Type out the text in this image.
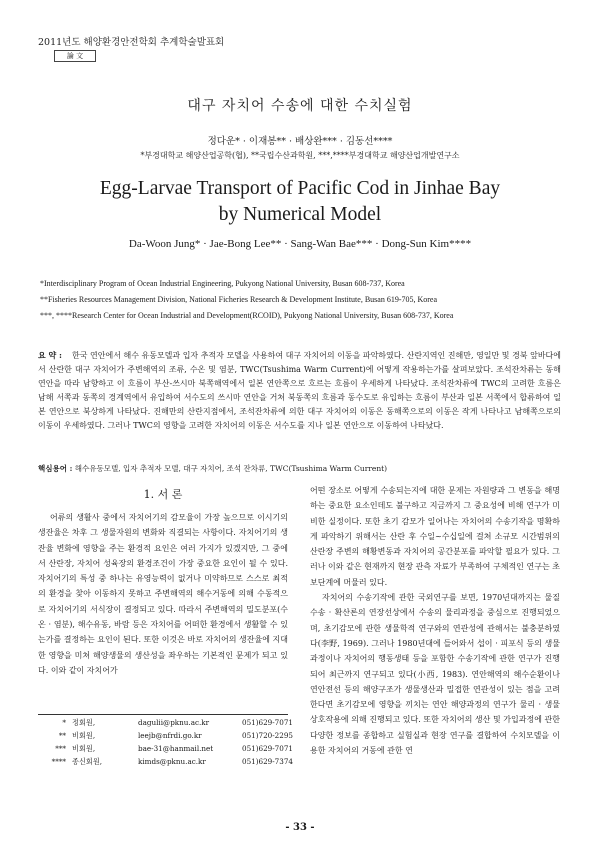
2011년도 해양환경안전학회 추계학술발표회
論 文
대구 자치어 수송에 대한 수치실험
정다운* · 이재봉** · 배상완*** · 김동선****
*부경대학교 해양산업공학(협), **국립수산과학원, ***,****부경대학교 해양산업개발연구소
Egg-Larvae Transport of Pacific Cod in Jinhae Bay
by Numerical Model
Da-Woon Jung* · Jae-Bong Lee** · Sang-Wan Bae*** · Dong-Sun Kim****
*Interdisciplinary Program of Ocean Industrial Engineering, Pukyong National University, Busan 608-737, Korea
**Fisheries Resources Management Division, National Ficheries Research & Development Institute, Busan 619-705, Korea
***, ****Research Center for Ocean Industrial and Development(RCOID), Pukyong National University, Busan 608-737, Korea
요 약 : 한국 연안에서 해수 유동모델과 입자 추적자 모델을 사용하여 대구 자치어의 이동을 파악하였다. 산란지역인 진해만, 영일만 및 경북 앞바다에서 산란한 대구 자치어가 주변해역의 조류, 수온 및 염분, TWC(Tsushima Warm Current)에 어떻게 작용하는가를 살펴보았다. 조석잔차류는 동해연안을 따라 남향하고 이 흐름이 부산-쓰시마 북쪽해역에서 일본 연안쪽으로 흐르는 흐름이 우세하게 나타났다. 조석잔차류에 TWC의 고려한 흐름은 남해 서쪽과 동쪽의 경계역에서 유입하여 서수도의 쓰시마 연안을 거쳐 북동쪽의 흐름과 동수도로 유입하는 흐름이 부산과 일본 서쪽에서 합류하여 일본 연안으로 북상하게 나타났다. 진해만의 산란지점에서, 조석잔차류에 의한 대구 자치어의 이동은 동해쪽으로의 이동은 작게 나타나고 남해쪽으로의 이동이 우세하였다. 그러나 TWC의 영향을 고려한 자치어의 이동은 서수도를 지나 일본 연안으로 이동하여 나타났다.
핵심용어 : 해수유동모델, 입자 추적자 모델, 대구 자치어, 조석 잔차류, TWC(Tsushima Warm Current)
1. 서 론
어류의 생활사 중에서 자치어기의 감모율이 가장 높으므로 이시기의 생잔율은 차후 그 생물자원의 변화와 직결되는 사항이다. 자치어기의 생잔율 변화에 영향을 주는 환경적 요인은 여러 가지가 있겠지만, 그 중에서 산란장, 자치어 성육장의 환경조건이 가장 중요한 요인이 될 수 있다. 자치어기의 특성 중 하나는 유영능력이 없거나 미약하므로 스스로 최적의 환경을 찾아 이동하지 못하고 주변해역의 해수거동에 의해 수동적으로 자치어기의 서식장이 결정되고 있다. 따라서 주변해역의 밀도분포(수온 · 염분), 해수유동, 바람 등은 자치어를 어떠한 환경에서 생활할 수 있는가를 결정하는 요인이 된다. 또한 이것은 바로 자치어의 생잔율에 지대한 영향을 미쳐 해양생물의 생산성을 좌우하는 기본적인 문제가 되고 있다. 이와 같이 자치어가
어떤 장소로 어떻게 수송되는지에 대한 문제는 자원량과 그 변동을 해명하는 중요한 요소인데도 불구하고 지금까지 그 중요성에 비해 연구가 미비한 실정이다. 또한 초기 감모가 일어나는 자치어의 수송기작을 명확하게 파악하기 위해서는 산란 후 수일~수십일에 걸쳐 소규모 시간범위의 산란장 주변의 해황변동과 자치어의 공간분포를 파악할 필요가 있다. 그러나 이와 같은 현재까지 현장 관측 자료가 부족하여 구체적인 연구는 초보단계에 머물러 있다.
자치어의 수송기작에 관한 국외연구를 보면, 1970년대까지는 물질수송 · 확산론의 연장선상에서 수송의 물리과정을 중심으로 진행되었으며, 초기감모에 관한 생물학적 연구와의 연관성에 관해서는 불충분하였다(李野, 1969). 그러나 1980년대에 들어와서 섭이 · 피포식 등의 생물 과정이나 자치어의 행동생태 등을 포함한 수송기작에 관한 연구가 진행되어 최근까지 연구되고 있다(小西, 1983). 연안해역의 해수순환이나 연안전선 등의 해양구조가 생물생산과 밀접한 연관성이 있는 점을 고려한다면 초기감모에 영향을 끼치는 연안 해양과정의 연구가 물리 · 생물 상호작용에 의해 진행되고 있다. 또한 자치어의 생산 및 가입과정에 관한 다양한 정보를 종합하고 실험실과 현장 연구를 결합하여 수치모델을 이용한 자치어의 거동에 관한 연
* 정회원,	dagulii@pknu.ac.kr	051)629-7071
** 비회원,	leejb@nfrdi.go.kr	051)720-2295
*** 비회원,	bae-31@hanmail.net	051)629-7071
**** 종신회원,	kimds@pknu.ac.kr	051)629-7374
- 33 -
